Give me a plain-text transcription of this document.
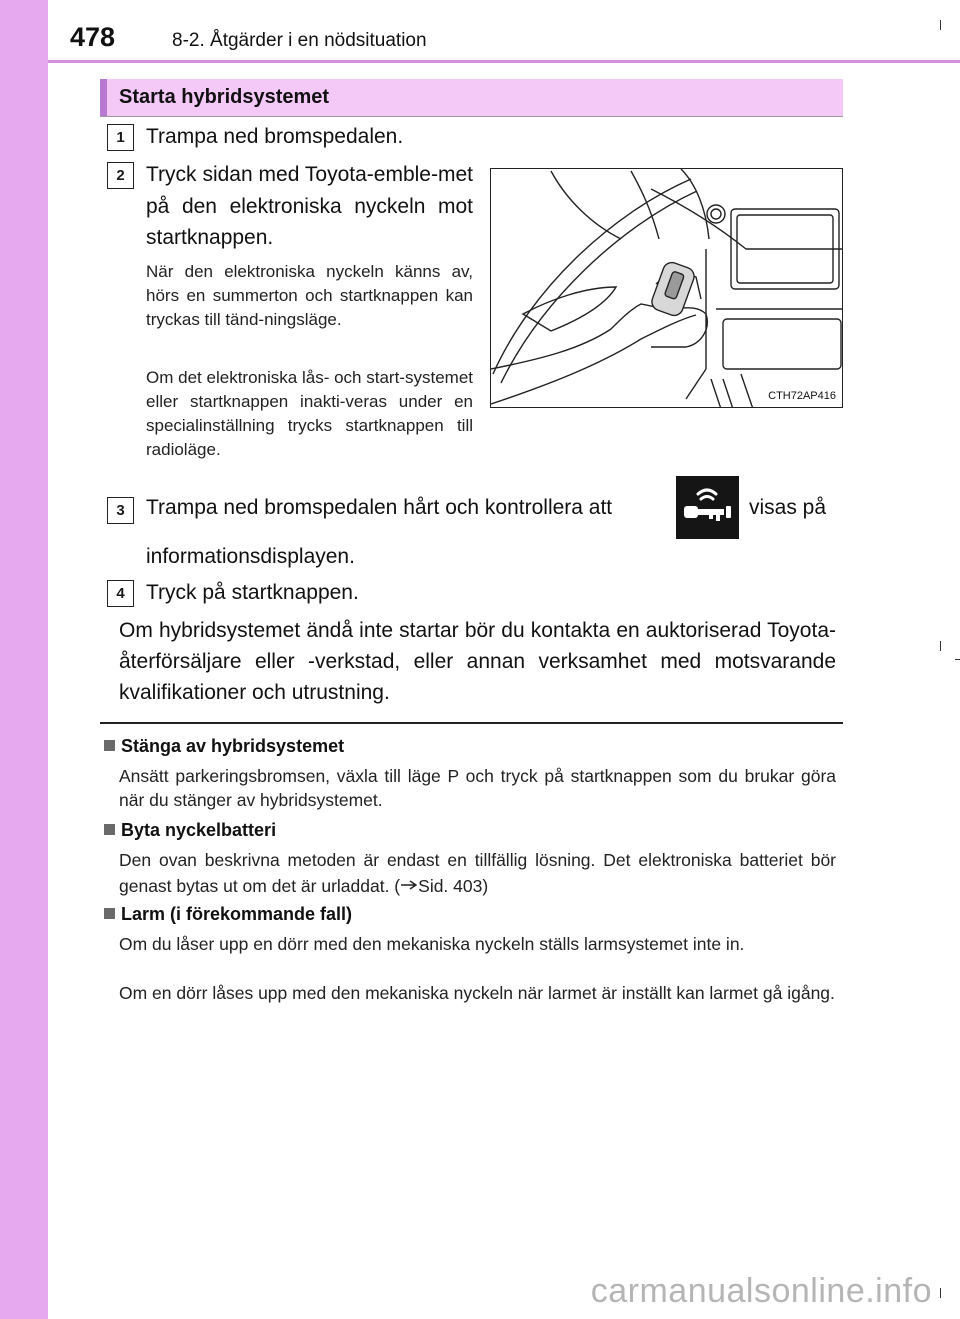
478	8-2. Åtgärder i en nödsituation
Starta hybridsystemet
1	Trampa ned bromspedalen.
2	Tryck sidan med Toyota-emble-met på den elektroniska nyckeln mot startknappen.
När den elektroniska nyckeln känns av, hörs en summerton och startknappen kan tryckas till tänd-ningsläge.
Om det elektroniska lås- och start-systemet eller startknappen inakti-veras under en specialinställning trycks startknappen till radioläge.
CTH72AP416
3	Trampa ned bromspedalen hårt och kontrollera att	visas på
informationsdisplayen.
4	Tryck på startknappen.
Om hybridsystemet ändå inte startar bör du kontakta en auktoriserad Toyota-återförsäljare eller -verkstad, eller annan verksamhet med motsvarande kvalifikationer och utrustning.
Stänga av hybridsystemet
Ansätt parkeringsbromsen, växla till läge P och tryck på startknappen som du brukar göra när du stänger av hybridsystemet.
Byta nyckelbatteri
Den ovan beskrivna metoden är endast en tillfällig lösning. Det elektroniska batteriet bör genast bytas ut om det är urladdat. ( Sid. 403)
Larm (i förekommande fall)
Om du låser upp en dörr med den mekaniska nyckeln ställs larmsystemet inte in.
Om en dörr låses upp med den mekaniska nyckeln när larmet är inställt kan larmet gå igång.
carmanualsonline.info
